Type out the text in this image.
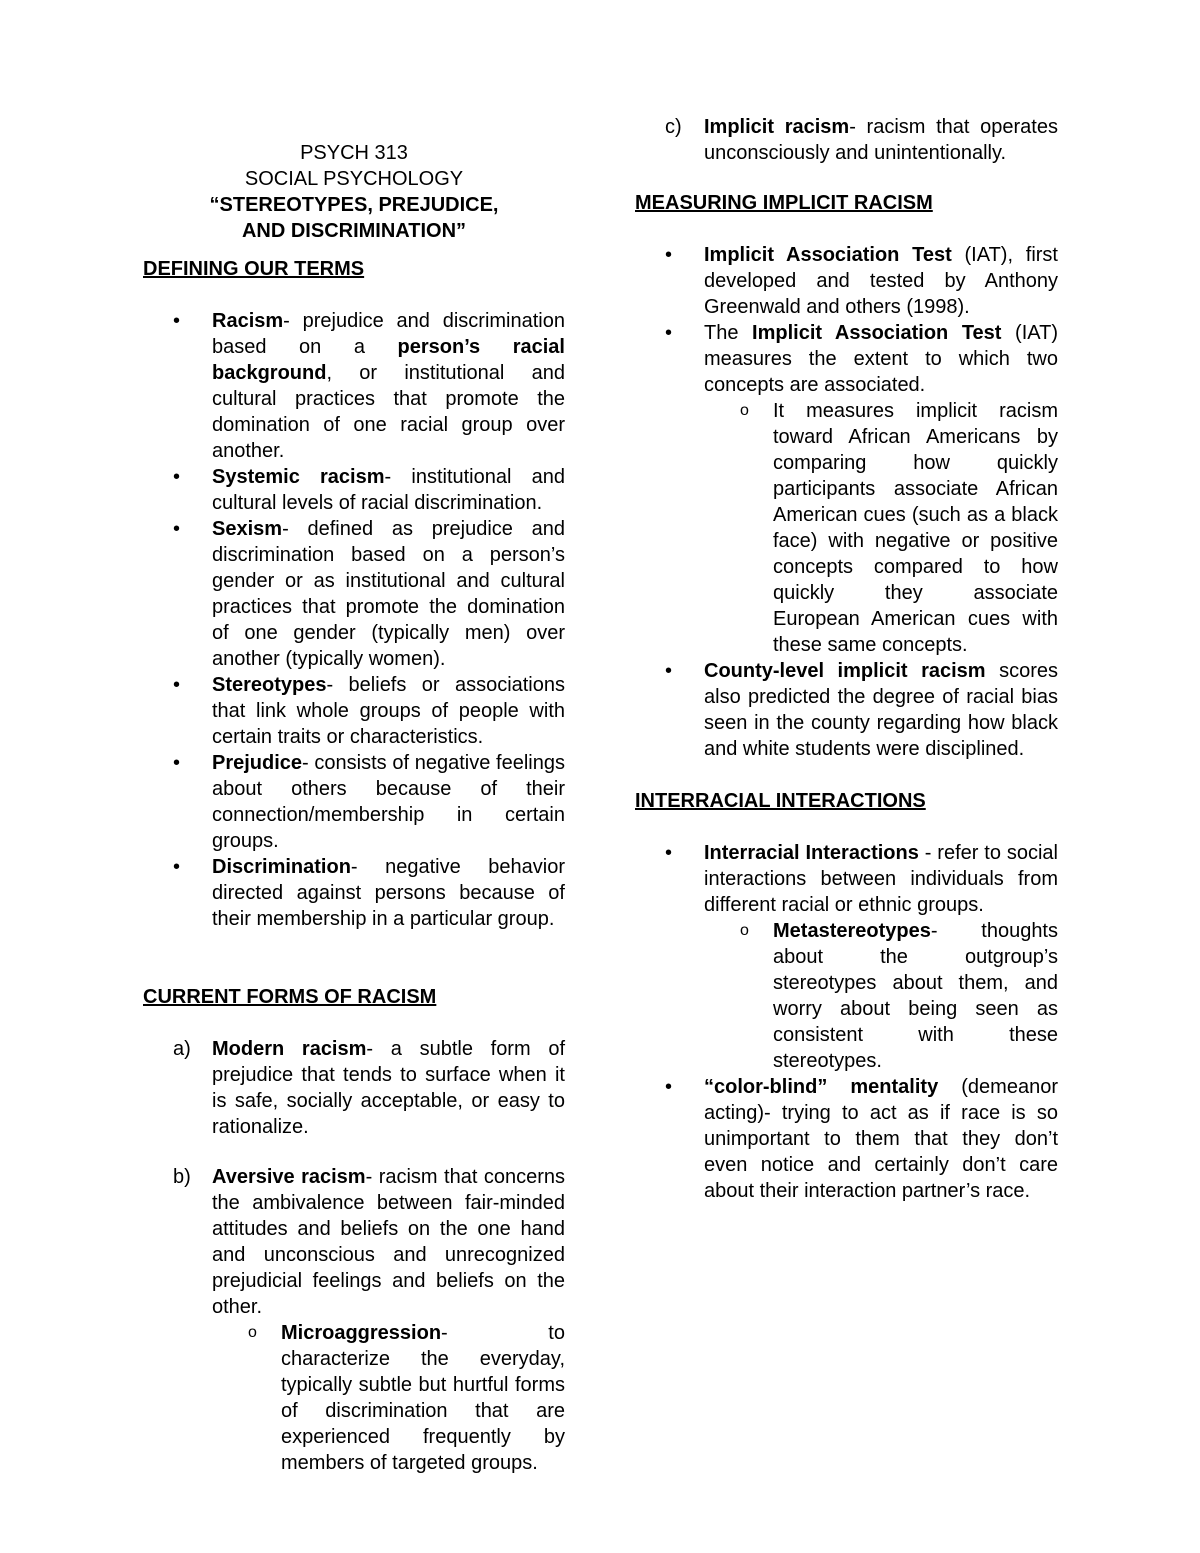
PSYCH 313
SOCIAL PSYCHOLOGY
“STEREOTYPES, PREJUDICE,
AND DISCRIMINATION”
DEFINING OUR TERMS
• Racism- prejudice and discrimination based on a person’s racial background, or institutional and cultural practices that promote the domination of one racial group over another.
• Systemic racism- institutional and cultural levels of racial discrimination.
• Sexism- defined as prejudice and discrimination based on a person’s gender or as institutional and cultural practices that promote the domination of one gender (typically men) over another (typically women).
• Stereotypes- beliefs or associations that link whole groups of people with certain traits or characteristics.
• Prejudice- consists of negative feelings about others because of their connection/membership in certain groups.
• Discrimination- negative behavior directed against persons because of their membership in a particular group.
CURRENT FORMS OF RACISM
a) Modern racism- a subtle form of prejudice that tends to surface when it is safe, socially acceptable, or easy to rationalize.
b) Aversive racism- racism that concerns the ambivalence between fair-minded attitudes and beliefs on the one hand and unconscious and unrecognized prejudicial feelings and beliefs on the other.
o Microaggression- to characterize the everyday, typically subtle but hurtful forms of discrimination that are experienced frequently by members of targeted groups.
c) Implicit racism- racism that operates unconsciously and unintentionally.
MEASURING IMPLICIT RACISM
• Implicit Association Test (IAT), first developed and tested by Anthony Greenwald and others (1998).
• The Implicit Association Test (IAT) measures the extent to which two concepts are associated.
o It measures implicit racism toward African Americans by comparing how quickly participants associate African American cues (such as a black face) with negative or positive concepts compared to how quickly they associate European American cues with these same concepts.
• County-level implicit racism scores also predicted the degree of racial bias seen in the county regarding how black and white students were disciplined.
INTERRACIAL INTERACTIONS
• Interracial Interactions - refer to social interactions between individuals from different racial or ethnic groups.
o Metastereotypes- thoughts about the outgroup’s stereotypes about them, and worry about being seen as consistent with these stereotypes.
• “color-blind” mentality (demeanor acting)- trying to act as if race is so unimportant to them that they don’t even notice and certainly don’t care about their interaction partner’s race.
